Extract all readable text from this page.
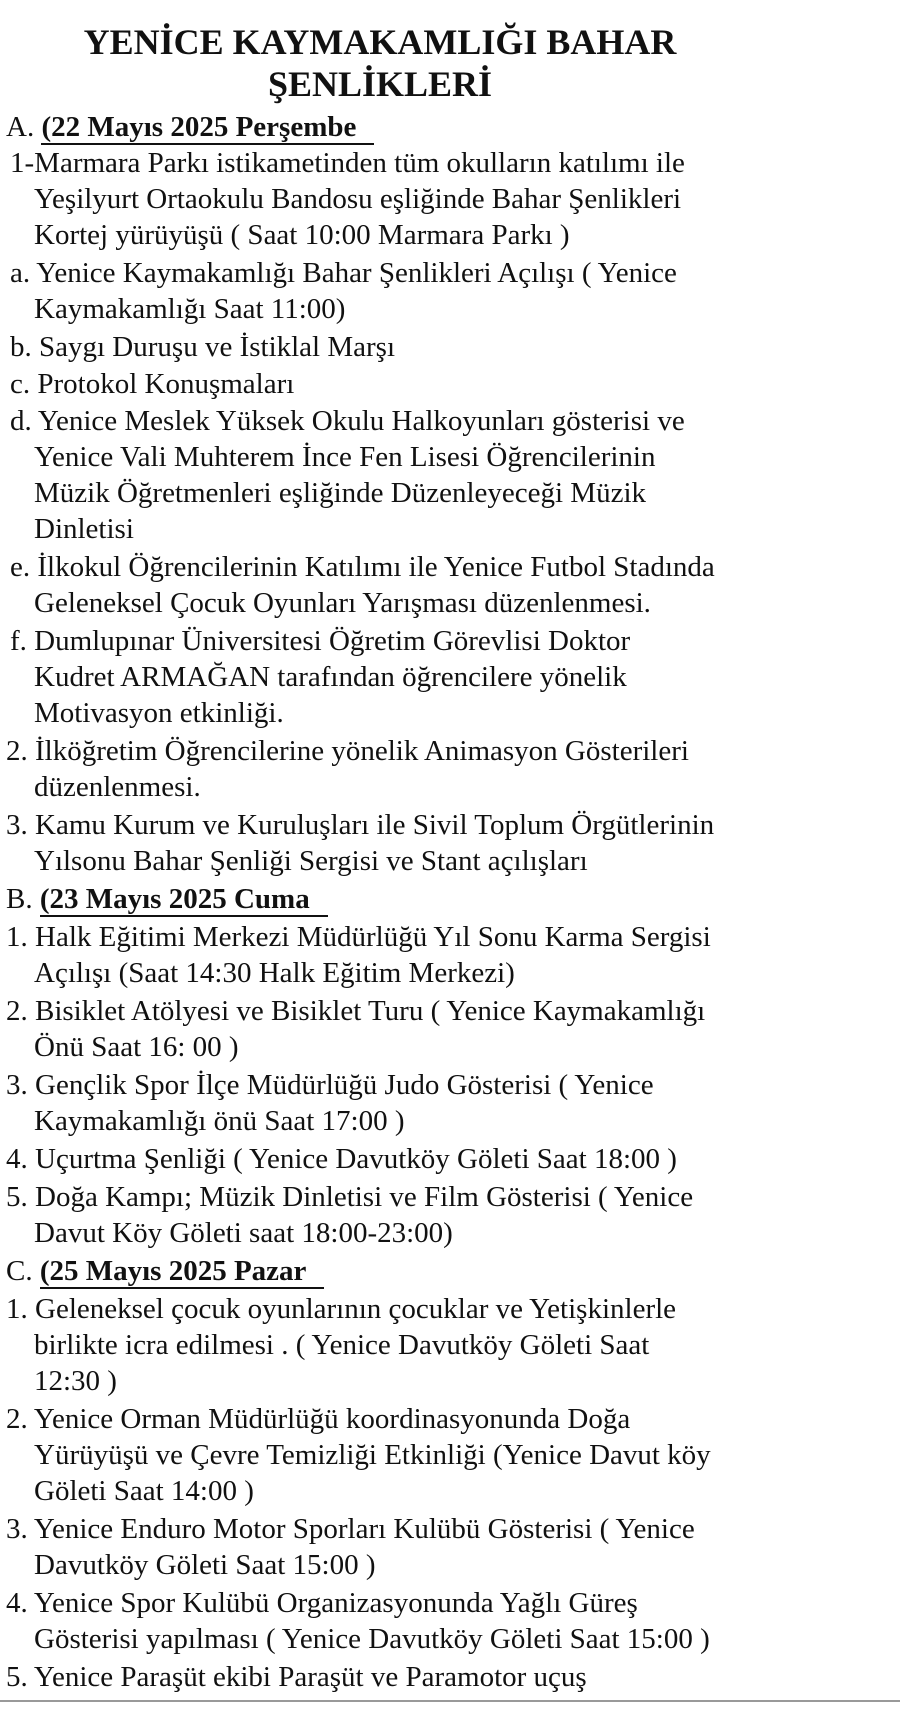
YENİCE KAYMAKAMLIĞI BAHAR
ŞENLİKLERİ
A. (22 Mayıs 2025 Perşembe
1-Marmara Parkı istikametinden tüm okulların katılımı ile
Yeşilyurt Ortaokulu Bandosu eşliğinde Bahar Şenlikleri
Kortej yürüyüşü ( Saat 10:00 Marmara Parkı )
a. Yenice Kaymakamlığı Bahar Şenlikleri Açılışı ( Yenice
Kaymakamlığı Saat 11:00)
b. Saygı Duruşu ve İstiklal Marşı
c. Protokol Konuşmaları
d. Yenice Meslek Yüksek Okulu Halkoyunları gösterisi ve
Yenice Vali Muhterem İnce Fen Lisesi Öğrencilerinin
Müzik Öğretmenleri eşliğinde Düzenleyeceği Müzik
Dinletisi
e. İlkokul Öğrencilerinin Katılımı ile Yenice Futbol Stadında
Geleneksel Çocuk Oyunları Yarışması düzenlenmesi.
f. Dumlupınar Üniversitesi Öğretim Görevlisi Doktor
Kudret ARMAĞAN tarafından öğrencilere yönelik
Motivasyon etkinliği.
2. İlköğretim Öğrencilerine yönelik Animasyon Gösterileri
düzenlenmesi.
3. Kamu Kurum ve Kuruluşları ile Sivil Toplum Örgütlerinin
Yılsonu Bahar Şenliği Sergisi ve Stant açılışları
B. (23 Mayıs 2025 Cuma
1. Halk Eğitimi Merkezi Müdürlüğü Yıl Sonu Karma Sergisi
Açılışı (Saat 14:30 Halk Eğitim Merkezi)
2. Bisiklet Atölyesi ve Bisiklet Turu ( Yenice Kaymakamlığı
Önü Saat 16: 00 )
3. Gençlik Spor İlçe Müdürlüğü Judo Gösterisi ( Yenice
Kaymakamlığı önü Saat 17:00 )
4. Uçurtma Şenliği ( Yenice Davutköy Göleti Saat 18:00 )
5. Doğa Kampı; Müzik Dinletisi ve Film Gösterisi ( Yenice
Davut Köy Göleti saat 18:00-23:00)
C. (25 Mayıs 2025 Pazar
1. Geleneksel çocuk oyunlarının çocuklar ve Yetişkinlerle
birlikte icra edilmesi . ( Yenice Davutköy Göleti Saat
12:30 )
2. Yenice Orman Müdürlüğü koordinasyonunda Doğa
Yürüyüşü ve Çevre Temizliği Etkinliği (Yenice Davut köy
Göleti Saat 14:00 )
3. Yenice Enduro Motor Sporları Kulübü Gösterisi ( Yenice
Davutköy Göleti Saat 15:00 )
4. Yenice Spor Kulübü Organizasyonunda Yağlı Güreş
Gösterisi yapılması ( Yenice Davutköy Göleti Saat 15:00 )
5. Yenice Paraşüt ekibi Paraşüt ve Paramotor uçuş
